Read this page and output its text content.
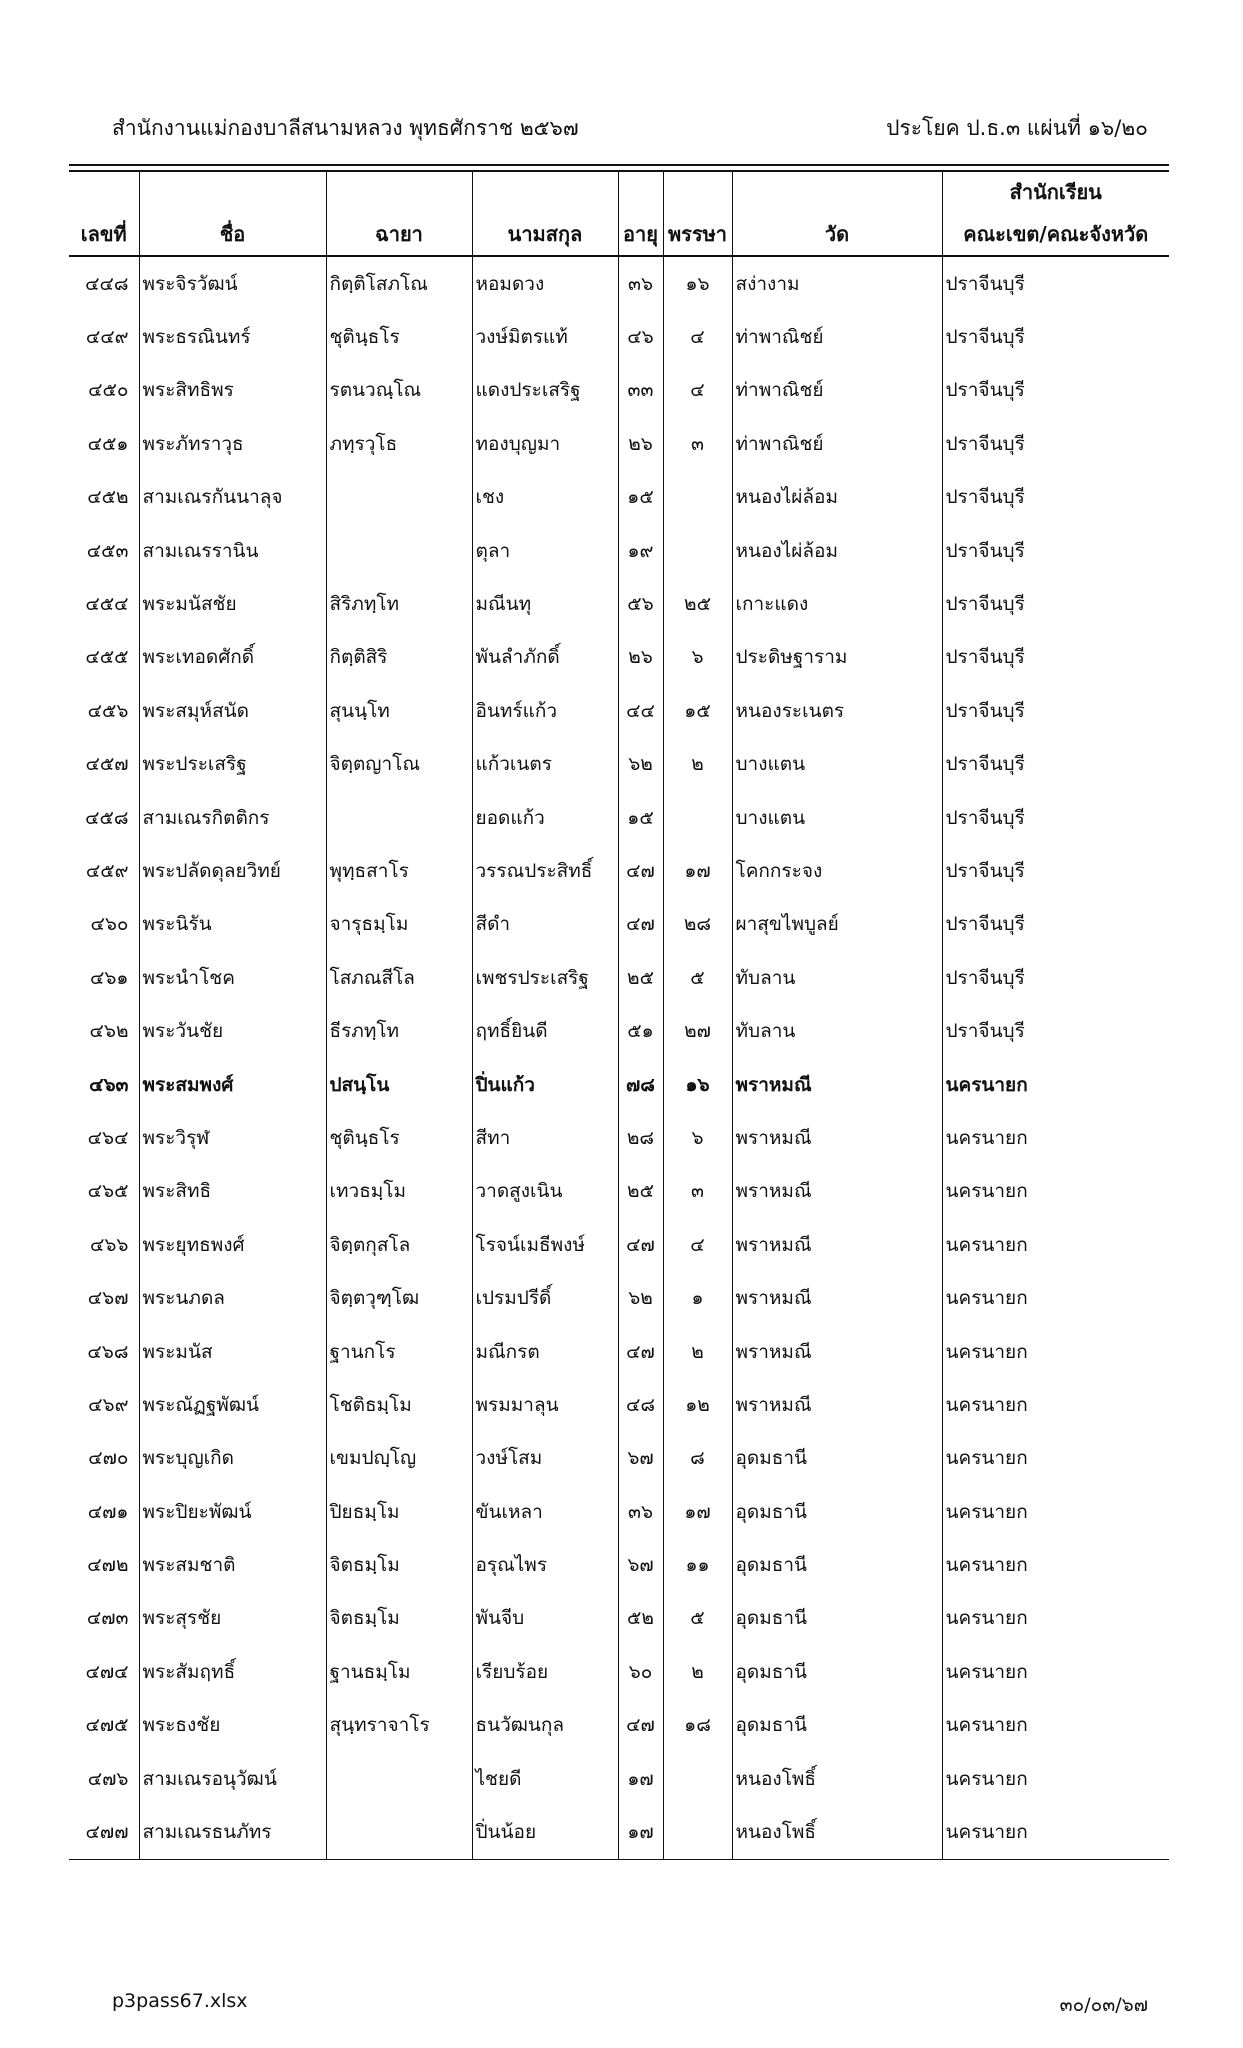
สำนักงานแม่กองบาลีสนามหลวง พุทธศักราช ๒๕๖๗	ประโยค ป.ธ.๓ แผ่นที่ ๑๖/๒๐
							สำนักเรียน
เลขที่	ชื่อ	ฉายา	นามสกุล	อายุ	พรรษา	วัด	คณะเขต/คณะจังหวัด
๔๔๘	พระจิรวัฒน์	กิตฺติโสภโณ	หอมดวง	๓๖	๑๖	สง่างาม	ปราจีนบุรี
๔๔๙	พระธรณินทร์	ชุตินฺธโร	วงษ์มิตรแท้	๔๖	๔	ท่าพาณิชย์	ปราจีนบุรี
๔๕๐	พระสิทธิพร	รตนวณฺโณ	แดงประเสริฐ	๓๓	๔	ท่าพาณิชย์	ปราจีนบุรี
๔๕๑	พระภัทราวุธ	ภทฺรวุโธ	ทองบุญมา	๒๖	๓	ท่าพาณิชย์	ปราจีนบุรี
๔๕๒	สามเณรกันนาลุจ		เชง	๑๕		หนองไผ่ล้อม	ปราจีนบุรี
๔๕๓	สามเณรรานิน		ตุลา	๑๙		หนองไผ่ล้อม	ปราจีนบุรี
๔๕๔	พระมนัสชัย	สิริภทฺโท	มณีนทุ	๕๖	๒๕	เกาะแดง	ปราจีนบุรี
๔๕๕	พระเทอดศักดิ์	กิตฺติสิริ	พันลำภักดิ์	๒๖	๖	ประดิษฐาราม	ปราจีนบุรี
๔๕๖	พระสมุห์สนัด	สุนนฺโท	อินทร์แก้ว	๔๔	๑๕	หนองระเนตร	ปราจีนบุรี
๔๕๗	พระประเสริฐ	จิตฺตญาโณ	แก้วเนตร	๖๒	๒	บางแตน	ปราจีนบุรี
๔๕๘	สามเณรกิตติกร		ยอดแก้ว	๑๕		บางแตน	ปราจีนบุรี
๔๕๙	พระปลัดดุลยวิทย์	พุทฺธสาโร	วรรณประสิทธิ์	๔๗	๑๗	โคกกระจง	ปราจีนบุรี
๔๖๐	พระนิรัน	จารุธมฺโม	สีดำ	๔๗	๒๘	ผาสุขไพบูลย์	ปราจีนบุรี
๔๖๑	พระนำโชค	โสภณสีโล	เพชรประเสริฐ	๒๕	๕	ทับลาน	ปราจีนบุรี
๔๖๒	พระวันชัย	ธีรภทฺโท	ฤทธิ์ยินดี	๕๑	๒๗	ทับลาน	ปราจีนบุรี
๔๖๓	พระสมพงศ์	ปสนฺโน	ปิ่นแก้ว	๗๘	๑๖	พราหมณี	นครนายก
๔๖๔	พระวิรุฬ	ชุตินฺธโร	สีทา	๒๘	๖	พราหมณี	นครนายก
๔๖๕	พระสิทธิ	เทวธมฺโม	วาดสูงเนิน	๒๕	๓	พราหมณี	นครนายก
๔๖๖	พระยุทธพงศ์	จิตฺตกุสโล	โรจน์เมธีพงษ์	๔๗	๔	พราหมณี	นครนายก
๔๖๗	พระนภดล	จิตฺตวุฑฺโฒ	เปรมปรีดิ์	๖๒	๑	พราหมณี	นครนายก
๔๖๘	พระมนัส	ฐานกโร	มณีกรต	๔๗	๒	พราหมณี	นครนายก
๔๖๙	พระณัฏฐพัฒน์	โชติธมฺโม	พรมมาลุน	๔๘	๑๒	พราหมณี	นครนายก
๔๗๐	พระบุญเกิด	เขมปญฺโญ	วงษ์โสม	๖๗	๘	อุดมธานี	นครนายก
๔๗๑	พระปิยะพัฒน์	ปิยธมฺโม	ขันเหลา	๓๖	๑๗	อุดมธานี	นครนายก
๔๗๒	พระสมชาติ	จิตธมฺโม	อรุณไพร	๖๗	๑๑	อุดมธานี	นครนายก
๔๗๓	พระสุรชัย	จิตธมฺโม	พันจีบ	๕๒	๕	อุดมธานี	นครนายก
๔๗๔	พระสัมฤทธิ์	ฐานธมฺโม	เรียบร้อย	๖๐	๒	อุดมธานี	นครนายก
๔๗๕	พระธงชัย	สุนฺทราจาโร	ธนวัฒนกุล	๔๗	๑๘	อุดมธานี	นครนายก
๔๗๖	สามเณรอนุวัฒน์		ไชยดี	๑๗		หนองโพธิ์	นครนายก
๔๗๗	สามเณรธนภัทร		ปิ่นน้อย	๑๗		หนองโพธิ์	นครนายก
p3pass67.xlsx	๓๐/๐๓/๖๗
